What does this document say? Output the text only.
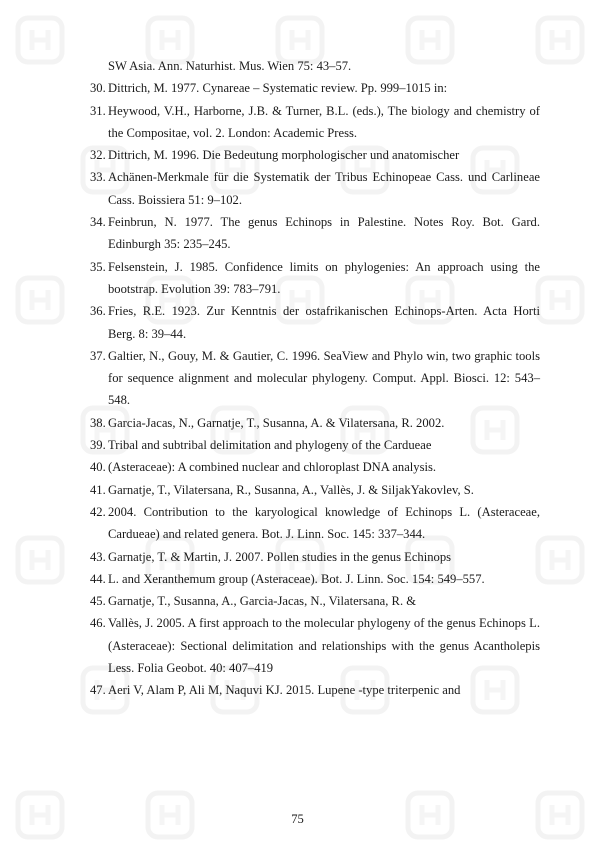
SW Asia. Ann. Naturhist. Mus. Wien 75: 43–57.
30. Dittrich, M. 1977. Cynareae – Systematic review. Pp. 999–1015 in:
31. Heywood, V.H., Harborne, J.B. & Turner, B.L. (eds.), The biology and chemistry of the Compositae, vol. 2. London: Academic Press.
32. Dittrich, M. 1996. Die Bedeutung morphologischer und anatomischer
33. Achänen-Merkmale für die Systematik der Tribus Echinopeae Cass. und Carlineae Cass. Boissiera 51: 9–102.
34. Feinbrun, N. 1977. The genus Echinops in Palestine. Notes Roy. Bot. Gard. Edinburgh 35: 235–245.
35. Felsenstein, J. 1985. Confidence limits on phylogenies: An approach using the bootstrap. Evolution 39: 783–791.
36. Fries, R.E. 1923. Zur Kenntnis der ostafrikanischen Echinops-Arten. Acta Horti Berg. 8: 39–44.
37. Galtier, N., Gouy, M. & Gautier, C. 1996. SeaView and Phylo win, two graphic tools for sequence alignment and molecular phylogeny. Comput. Appl. Biosci. 12: 543–548.
38. Garcia-Jacas, N., Garnatje, T., Susanna, A. & Vilatersana, R. 2002.
39. Tribal and subtribal delimitation and phylogeny of the Cardueae
40. (Asteraceae): A combined nuclear and chloroplast DNA analysis.
41. Garnatje, T., Vilatersana, R., Susanna, A., Vallès, J. & SiljakYakovlev, S.
42. 2004. Contribution to the karyological knowledge of Echinops L. (Asteraceae, Cardueae) and related genera. Bot. J. Linn. Soc. 145: 337–344.
43. Garnatje, T. & Martin, J. 2007. Pollen studies in the genus Echinops
44. L. and Xeranthemum group (Asteraceae). Bot. J. Linn. Soc. 154: 549–557.
45. Garnatje, T., Susanna, A., Garcia-Jacas, N., Vilatersana, R. &
46. Vallès, J. 2005. A first approach to the molecular phylogeny of the genus Echinops L. (Asteraceae): Sectional delimitation and relationships with the genus Acantholepis Less. Folia Geobot. 40: 407–419
47. Aeri V, Alam P, Ali M, Naquvi KJ. 2015. Lupene -type triterpenic and
75
